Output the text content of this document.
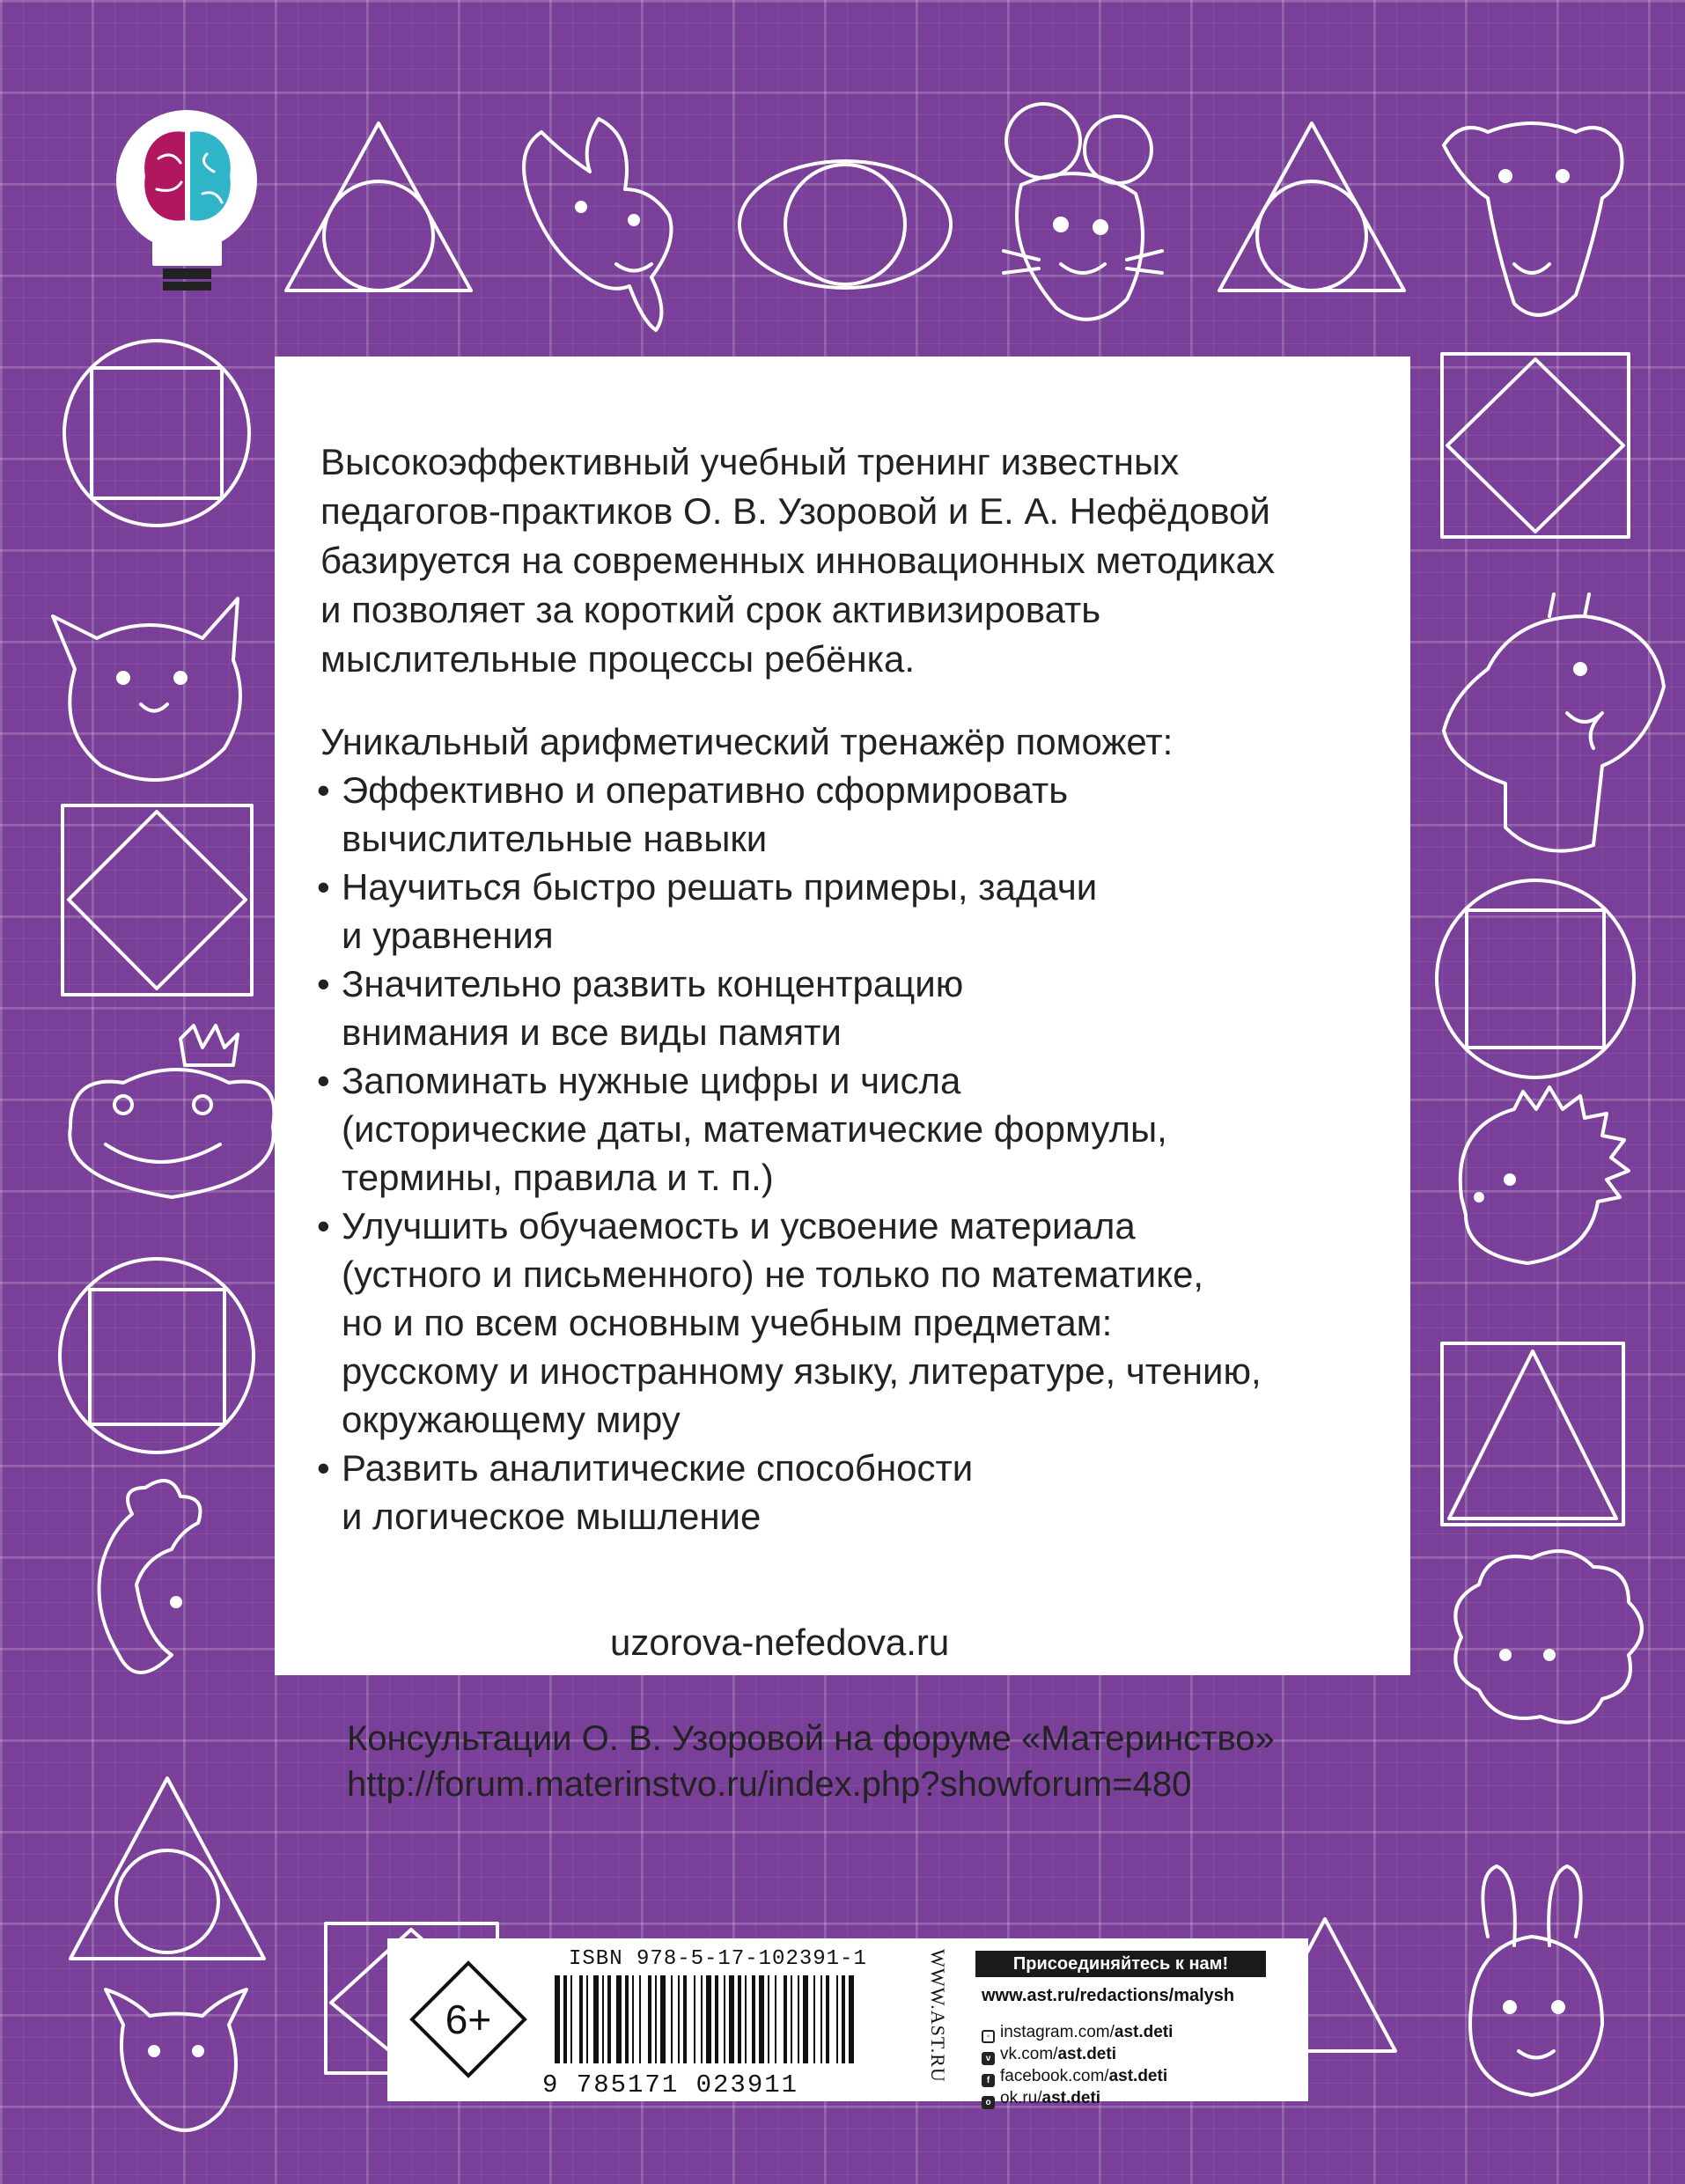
Высокоэффективный учебный тренинг известных
педагогов-практиков О. В. Узоровой и Е. А. Нефёдовой
базируется на современных инновационных методиках
и позволяет за короткий срок активизировать
мыслительные процессы ребёнка.

Уникальный арифметический тренажёр поможет:

• Эффективно и оперативно сформировать
вычислительные навыки
• Научиться быстро решать примеры, задачи
и уравнения
• Значительно развить концентрацию
внимания и все виды памяти
• Запоминать нужные цифры и числа
(исторические даты, математические формулы,
термины, правила и т. п.)
• Улучшить обучаемость и усвоение материала
(устного и письменного) не только по математике,
но и по всем основным учебным предметам:
русскому и иностранному языку, литературе, чтению,
окружающему миру
• Развить аналитические способности
и логическое мышление
uzorova-nefedova.ru

Консультации О. В. Узоровой на форуме «Материнство»

http://forum.materinstvo.ru/index.php?showforum=480

6+
ISBN 978-5-17-102391-1
9 785171 023911
WWW.AST.RU	Присоединяйтесь к нам!
www.ast.ru/redactions/malysh
◦ instagram.com/ast.deti
v vk.com/ast.deti
f facebook.com/ast.deti
o ok.ru/ast.deti
